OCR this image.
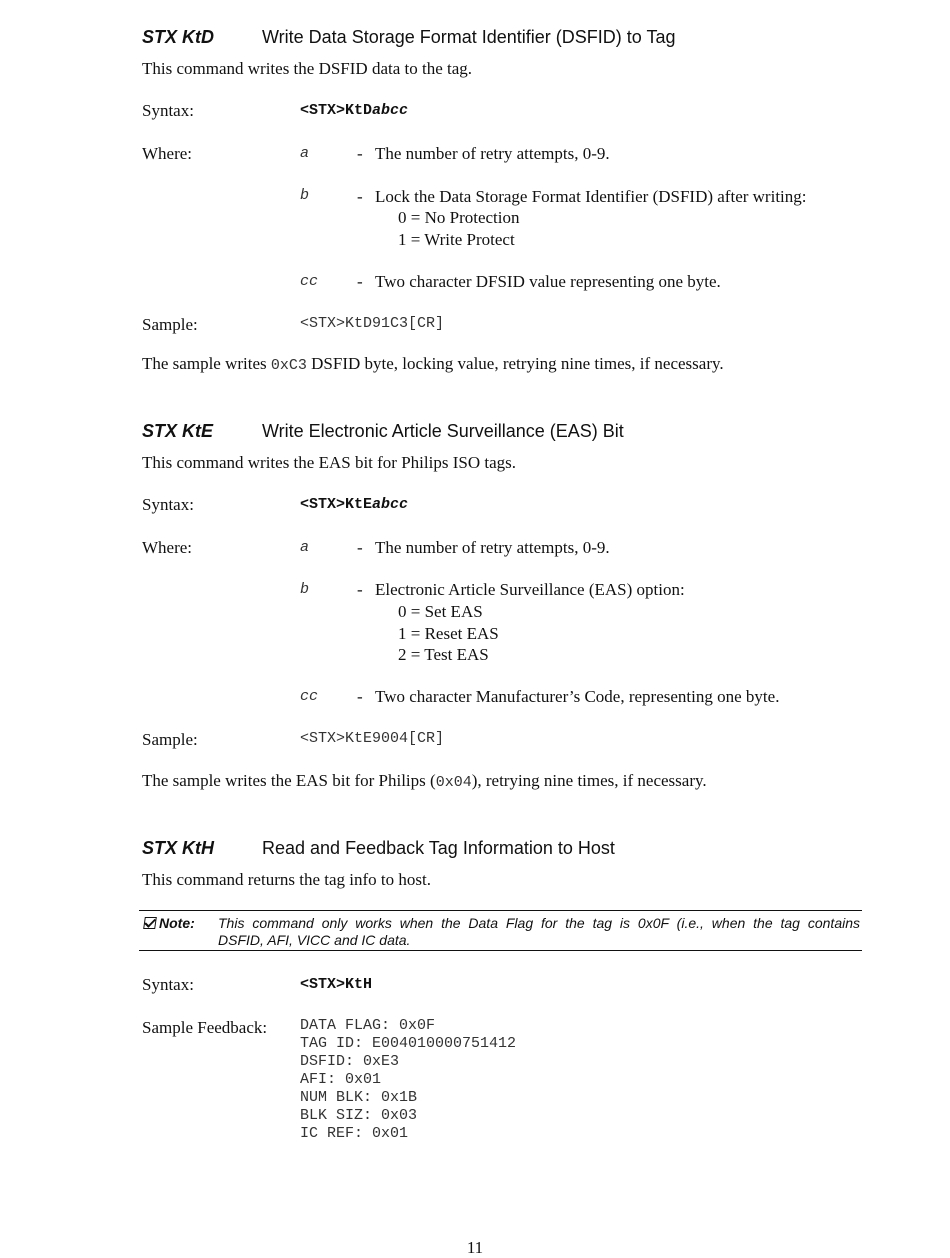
STX KtD	Write Data Storage Format Identifier (DSFID) to Tag
This command writes the DSFID data to the tag.
Syntax:	<STX>KtDabcc
Where:	a	- The number of retry attempts, 0-9.
b	- Lock the Data Storage Format Identifier (DSFID) after writing:
0 = No Protection
1 = Write Protect
cc - Two character DFSID value representing one byte.
Sample:	<STX>KtD91C3[CR]
The sample writes 0xC3 DSFID byte, locking value, retrying nine times, if necessary.
STX KtE	Write Electronic Article Surveillance (EAS) Bit
This command writes the EAS bit for Philips ISO tags.
Syntax:	<STX>KtEabcc
Where:	a	- The number of retry attempts, 0-9.
b	- Electronic Article Surveillance (EAS) option:
0 = Set EAS
1 = Reset EAS
2 = Test EAS
cc - Two character Manufacturer’s Code, representing one byte.
Sample:	<STX>KtE9004[CR]
The sample writes the EAS bit for Philips (0x04), retrying nine times, if necessary.
STX KtH	Read and Feedback Tag Information to Host
This command returns the tag info to host.
Note: This command only works when the Data Flag for the tag is 0x0F (i.e., when the tag contains
DSFID, AFI, VICC and IC data.
Syntax:	<STX>KtH
Sample Feedback: DATA FLAG: 0x0F
TAG ID: E004010000751412
DSFID: 0xE3
AFI: 0x01
NUM BLK: 0x1B
BLK SIZ: 0x03
IC REF: 0x01
11
